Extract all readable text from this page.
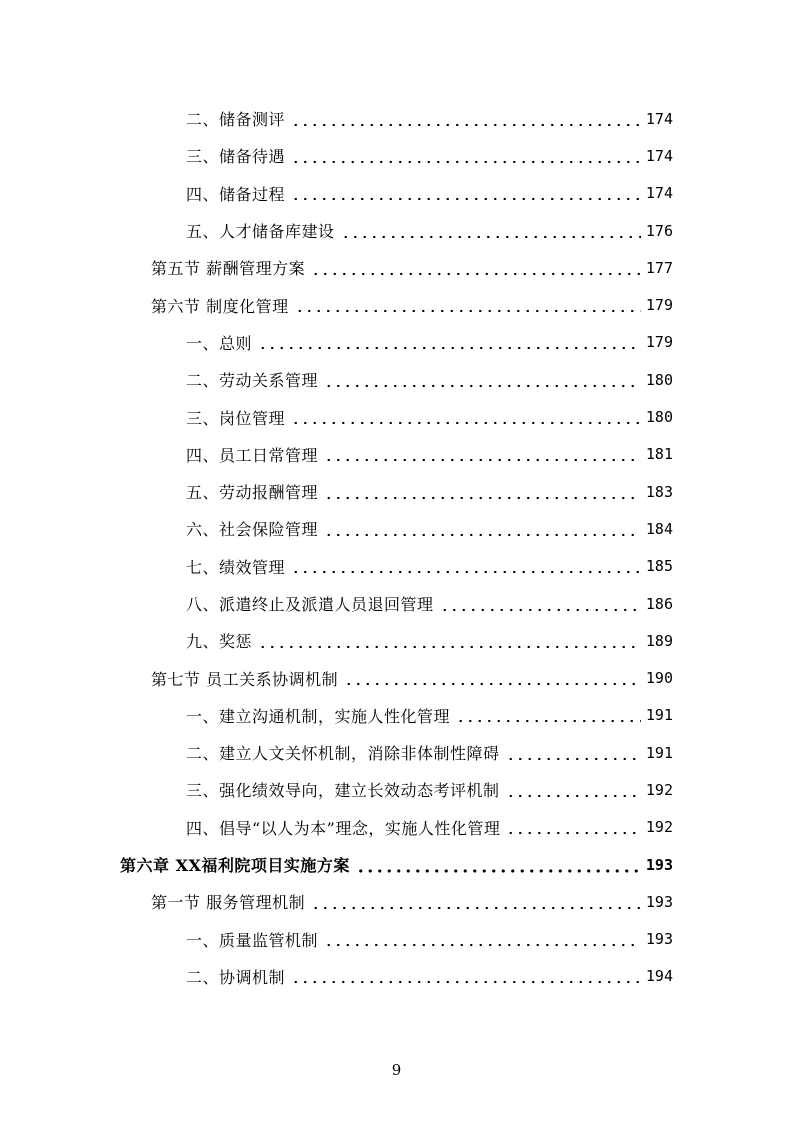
二、储备测评	174
三、储备待遇	174
四、储备过程	174
五、人才储备库建设	176
第五节 薪酬管理方案	177
第六节 制度化管理	179
一、总则	179
二、劳动关系管理	180
三、岗位管理	180
四、员工日常管理	181
五、劳动报酬管理	183
六、社会保险管理	184
七、绩效管理	185
八、派遣终止及派遣人员退回管理	186
九、奖惩	189
第七节 员工关系协调机制	190
一、建立沟通机制，实施人性化管理	191
二、建立人文关怀机制，消除非体制性障碍	191
三、强化绩效导向，建立长效动态考评机制	192
四、倡导“以人为本”理念，实施人性化管理	192
第六章 XX福利院项目实施方案	193
第一节 服务管理机制	193
一、质量监管机制	193
二、协调机制	194
9
